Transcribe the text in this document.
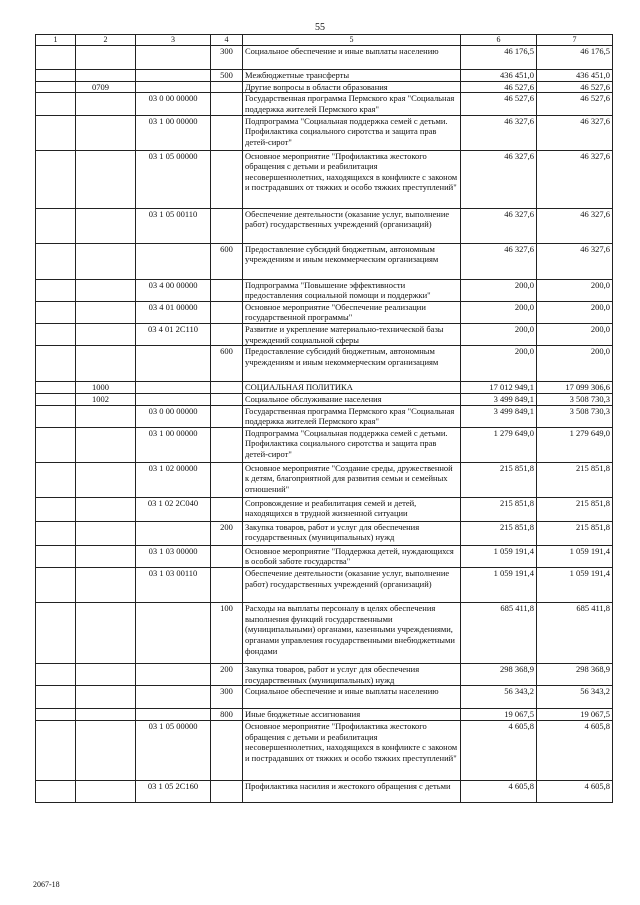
55
1	2	3	4	5	6	7
			300	Социальное обеспечение и иные выплаты населению	46 176,5	46 176,5
			500	Межбюджетные трансферты	436 451,0	436 451,0
	0709			Другие вопросы в области образования	46 527,6	46 527,6
		03 0 00 00000		Государственная программа Пермского края "Социальная поддержка жителей Пермского края"	46 527,6	46 527,6
		03 1 00 00000		Подпрограмма "Социальная поддержка семей с детьми. Профилактика социального сиротства и защита прав детей-сирот"	46 327,6	46 327,6
		03 1 05 00000		Основное мероприятие "Профилактика жестокого обращения с детьми и реабилитация несовершеннолетних, находящихся в конфликте с законом и пострадавших от тяжких и особо тяжких преступлений"	46 327,6	46 327,6
		03 1 05 00110		Обеспечение деятельности (оказание услуг, выполнение работ) государственных учреждений (организаций)	46 327,6	46 327,6
			600	Предоставление субсидий бюджетным, автономным учреждениям и иным некоммерческим организациям	46 327,6	46 327,6
		03 4 00 00000		Подпрограмма "Повышение эффективности предоставления социальной помощи и поддержки"	200,0	200,0
		03 4 01 00000		Основное мероприятие "Обеспечение реализации государственной программы"	200,0	200,0
		03 4 01 2С110		Развитие и укрепление материально-технической базы учреждений социальной сферы	200,0	200,0
			600	Предоставление субсидий бюджетным, автономным учреждениям и иным некоммерческим организациям	200,0	200,0
	1000			СОЦИАЛЬНАЯ ПОЛИТИКА	17 012 949,1	17 099 306,6
	1002			Социальное обслуживание населения	3 499 849,1	3 508 730,3
		03 0 00 00000		Государственная программа Пермского края "Социальная поддержка жителей Пермского края"	3 499 849,1	3 508 730,3
		03 1 00 00000		Подпрограмма "Социальная поддержка семей с детьми. Профилактика социального сиротства и защита прав детей-сирот"	1 279 649,0	1 279 649,0
		03 1 02 00000		Основное мероприятие "Создание среды, дружественной к детям, благоприятной для развития семьи и семейных отношений"	215 851,8	215 851,8
		03 1 02 2С040		Сопровождение и реабилитация семей и детей, находящихся в трудной жизненной ситуации	215 851,8	215 851,8
			200	Закупка товаров, работ и услуг для обеспечения государственных (муниципальных) нужд	215 851,8	215 851,8
		03 1 03 00000		Основное мероприятие "Поддержка детей, нуждающихся в особой заботе государства"	1 059 191,4	1 059 191,4
		03 1 03 00110		Обеспечение деятельности (оказание услуг, выполнение работ) государственных учреждений (организаций)	1 059 191,4	1 059 191,4
			100	Расходы на выплаты персоналу в целях обеспечения выполнения функций государственными (муниципальными) органами, казенными учреждениями, органами управления государственными внебюджетными фондами	685 411,8	685 411,8
			200	Закупка товаров, работ и услуг для обеспечения государственных (муниципальных) нужд	298 368,9	298 368,9
			300	Социальное обеспечение и иные выплаты населению	56 343,2	56 343,2
			800	Иные бюджетные ассигнования	19 067,5	19 067,5
		03 1 05 00000		Основное мероприятие "Профилактика жестокого обращения с детьми и реабилитация несовершеннолетних, находящихся в конфликте с законом и пострадавших от тяжких и особо тяжких преступлений"	4 605,8	4 605,8
		03 1 05 2С160		Профилактика насилия и жестокого обращения с детьми	4 605,8	4 605,8
2067-18
